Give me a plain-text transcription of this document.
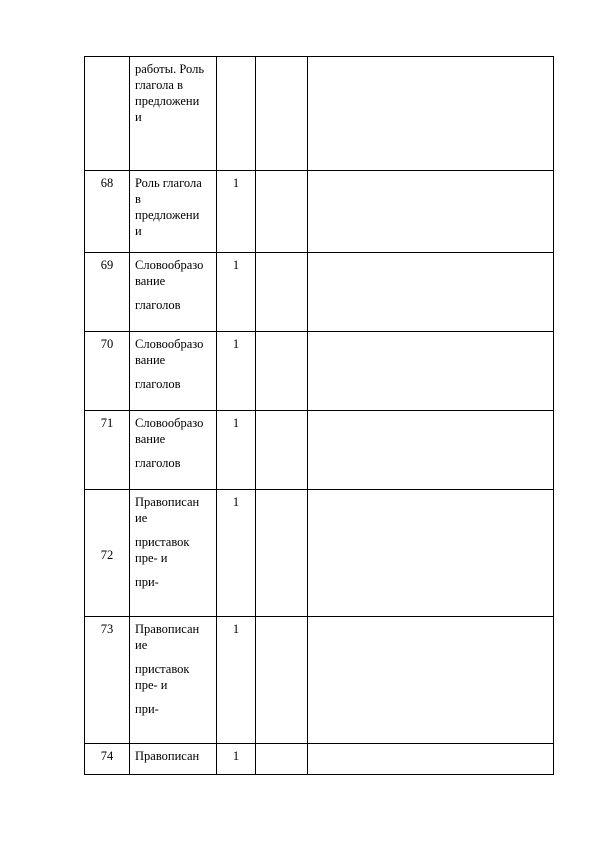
	работы. Роль
глагола в
предложени
и			

68	Роль глагола
в
предложени
и	1		
69	Словообразо
вание
глаголов	1		
70	Словообразо
вание
глаголов	1		
71	Словообразо
вание
глаголов	1		
72	Правописан
ие
приставок
пре- и
при-	1		
73	Правописан
ие
приставок
пре- и
при-	1		
74	Правописан	1		
